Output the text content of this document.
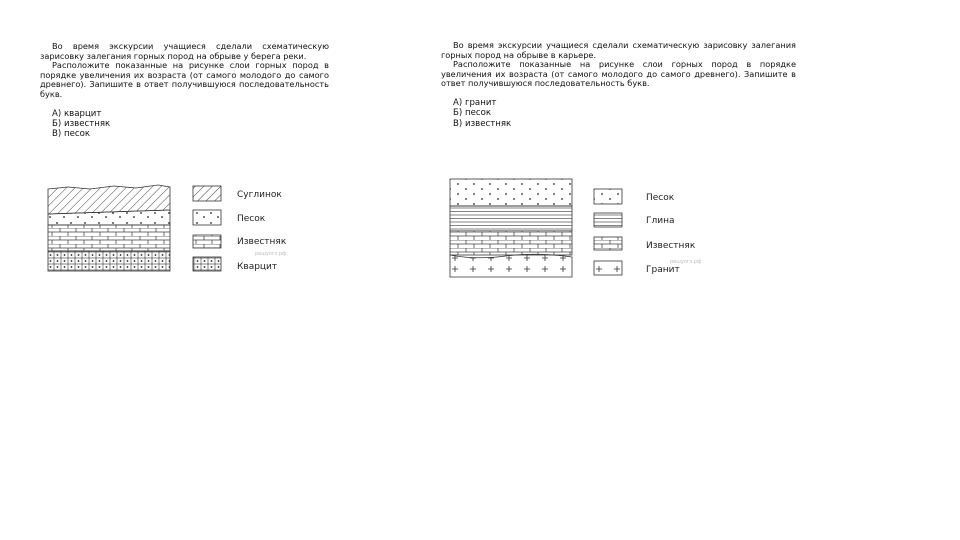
Во время экскурсии учащиеся сделали схематическую зарисовку залегания горных пород на обрыве у берега реки.

Расположите показанные на рисунке слои горных пород в порядке увеличения их возраста (от самого молодого до самого древнего). Запишите в ответ получившуюся последовательность букв.

А) кварцит
Б) известняк
В) песок
Суглинок
Песок
Известняк
Кварцит
решуогэ.рф

Во время экскурсии учащиеся сделали схематическую зарисовку залегания горных пород на обрыве в карьере.

Расположите показанные на рисунке слои горных пород в порядке увеличения их возраста (от самого молодого до самого древнего). Запишите в ответ получившуюся последовательность букв.

А) гранит
Б) песок
В) известняк
Песок
Глина
Известняк
Гранит
решуогэ.рф
